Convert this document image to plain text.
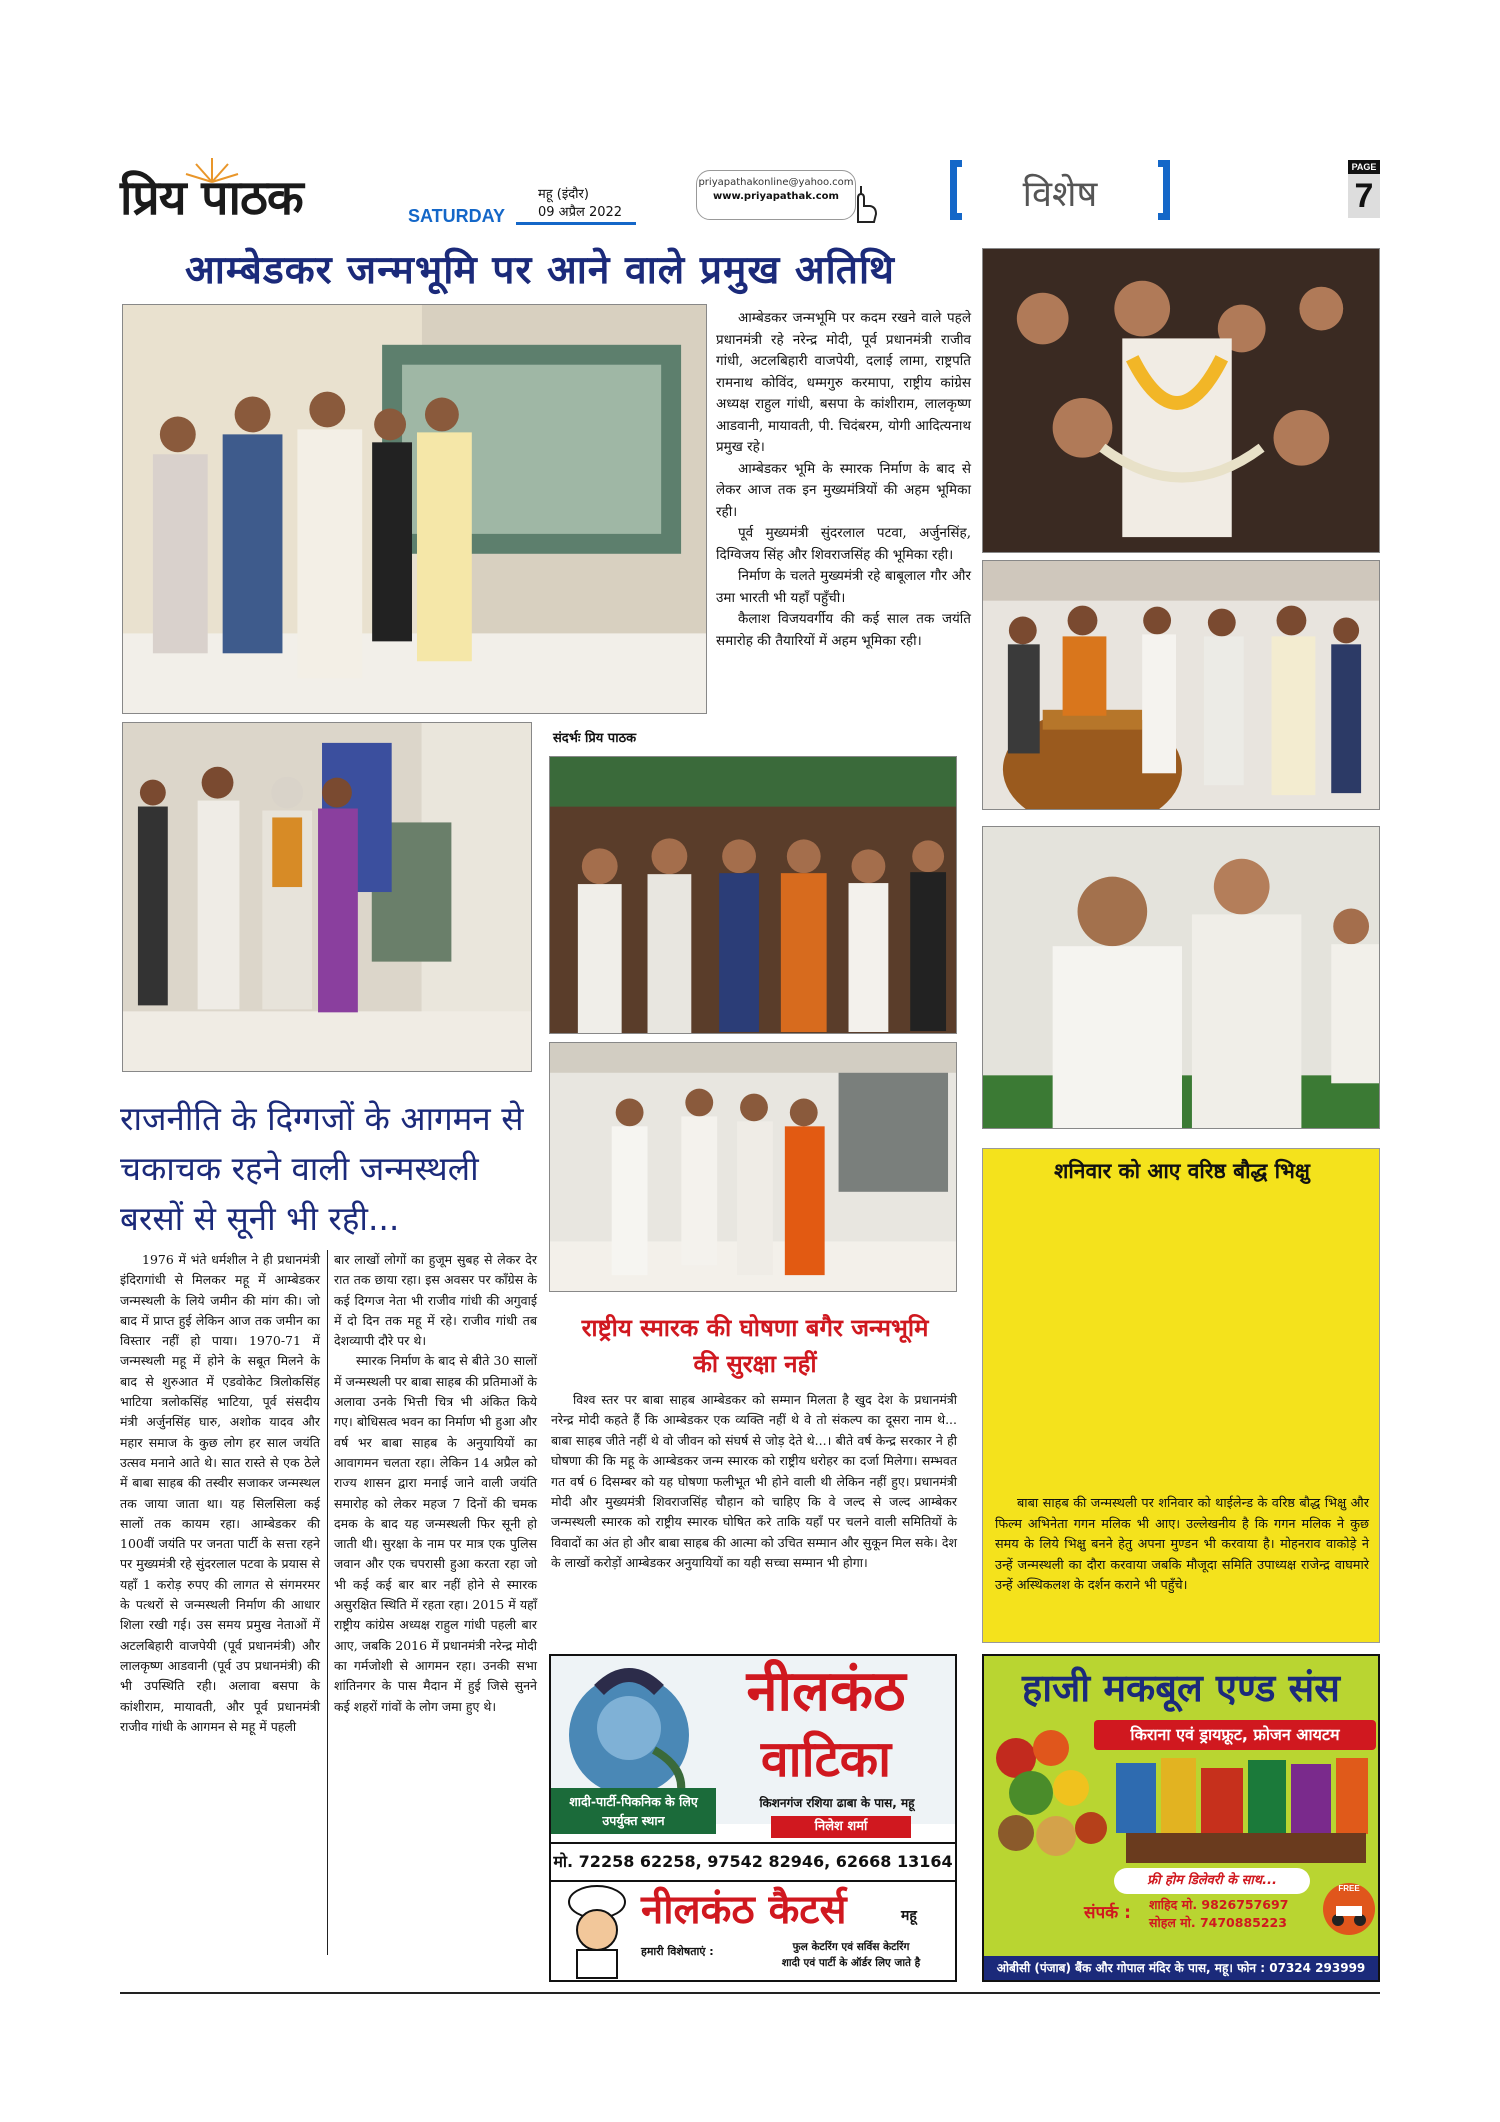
प्रिय पाठक	SATURDAY
महू (इंदौर)
09 अप्रैल 2022
priyapathakonline@yahoo.com
www.priyapathak.com	विशेष
PAGE
7
आम्बेडकर जन्मभूमि पर आने वाले प्रमुख अतिथि

आम्बेडकर जन्मभूमि पर कदम रखने वाले पहले प्रधानमंत्री रहे नरेन्द्र मोदी, पूर्व प्रधानमंत्री राजीव गांधी, अटलबिहारी वाजपेयी, दलाई लामा, राष्ट्रपति रामनाथ कोविंद, धम्मगुरु करमापा, राष्ट्रीय कांग्रेस अध्यक्ष राहुल गांधी, बसपा के कांशीराम, लालकृष्ण आडवानी, मायावती, पी. चिदंबरम, योगी आदित्यनाथ प्रमुख रहे।

आम्बेडकर भूमि के स्मारक निर्माण के बाद से लेकर आज तक इन मुख्यमंत्रियों की अहम भूमिका रही।

पूर्व मुख्यमंत्री सुंदरलाल पटवा, अर्जुनसिंह, दिग्विजय सिंह और शिवराजसिंह की भूमिका रही।

निर्माण के चलते मुख्यमंत्री रहे बाबूलाल गौर और उमा भारती भी यहाँ पहुँची।

कैलाश विजयवर्गीय की कई साल तक जयंति समारोह की तैयारियों में अहम भूमिका रही।

संदर्भः प्रिय पाठक
राजनीति के दिग्गजों के आगमन से चकाचक रहने वाली जन्मस्थली बरसों से सूनी भी रही...

1976 में भंते धर्मशील ने ही प्रधानमंत्री इंदिरागांधी से मिलकर महू में आम्बेडकर जन्मस्थली के लिये जमीन की मांग की। जो बाद में प्राप्त हुई लेकिन आज तक जमीन का विस्तार नहीं हो पाया। 1970-71 में जन्मस्थली महू में होने के सबूत मिलने के बाद से शुरुआत में एडवोकेट त्रिलोकसिंह भाटिया त्रलोकसिंह भाटिया, पूर्व संसदीय मंत्री अर्जुनसिंह घारु, अशोक यादव और महार समाज के कुछ लोग हर साल जयंति उत्सव मनाने आते थे। सात रास्ते से एक ठेले में बाबा साहब की तस्वीर सजाकर जन्मस्थल तक जाया जाता था। यह सिलसिला कई सालों तक कायम रहा। आम्बेडकर की 100वीं जयंति पर जनता पार्टी के सत्ता रहने पर मुख्यमंत्री रहे सुंदरलाल पटवा के प्रयास से यहाँ 1 करोड़ रुपए की लागत से संगमरमर के पत्थरों से जन्मस्थली निर्माण की आधार शिला रखी गई। उस समय प्रमुख नेताओं में अटलबिहारी वाजपेयी (पूर्व प्रधानमंत्री) और लालकृष्ण आडवानी (पूर्व उप प्रधानमंत्री) की भी उपस्थिति रही। अलावा बसपा के कांशीराम, मायावती, और पूर्व प्रधानमंत्री राजीव गांधी के आगमन से महू में पहली

बार लाखों लोगों का हुजूम सुबह से लेकर देर रात तक छाया रहा। इस अवसर पर कॉंग्रेस के कई दिग्गज नेता भी राजीव गांधी की अगुवाई में दो दिन तक महू में रहे। राजीव गांधी तब देशव्यापी दौरे पर थे।

स्मारक निर्माण के बाद से बीते 30 सालों में जन्मस्थली पर बाबा साहब की प्रतिमाओं के अलावा उनके भित्ती चित्र भी अंकित किये गए। बोधिसत्व भवन का निर्माण भी हुआ और वर्ष भर बाबा साहब के अनुयायियों का आवागमन चलता रहा। लेकिन 14 अप्रैल को राज्य शासन द्वारा मनाई जाने वाली जयंति समारोह को लेकर महज 7 दिनों की चमक दमक के बाद यह जन्मस्थली फिर सूनी हो जाती थी। सुरक्षा के नाम पर मात्र एक पुलिस जवान और एक चपरासी हुआ करता रहा जो भी कई कई बार बार नहीं होने से स्मारक असुरक्षित स्थिति में रहता रहा। 2015 में यहाँ राष्ट्रीय कांग्रेस अध्यक्ष राहुल गांधी पहली बार आए, जबकि 2016 में प्रधानमंत्री नरेन्द्र मोदी का गर्मजोशी से आगमन रहा। उनकी सभा शांतिनगर के पास मैदान में हुई जिसे सुनने कई शहरों गांवों के लोग जमा हुए थे।

राष्ट्रीय स्मारक की घोषणा बगैर जन्मभूमि की सुरक्षा नहीं
विश्व स्तर पर बाबा साहब आम्बेडकर को सम्मान मिलता है खुद देश के प्रधानमंत्री नरेन्द्र मोदी कहते हैं कि आम्बेडकर एक व्यक्ति नहीं थे वे तो संकल्प का दूसरा नाम थे... बाबा साहब जीते नहीं थे वो जीवन को संघर्ष से जोड़ देते थे...। बीते वर्ष केन्द्र सरकार ने ही घोषणा की कि महू के आम्बेडकर जन्म स्मारक को राष्ट्रीय धरोहर का दर्जा मिलेगा। सम्भवत गत वर्ष 6 दिसम्बर को यह घोषणा फलीभूत भी होने वाली थी लेकिन नहीं हुए। प्रधानमंत्री मोदी और मुख्यमंत्री शिवराजसिंह चौहान को चाहिए कि वे जल्द से जल्द आम्बेकर जन्मस्थली स्मारक को राष्ट्रीय स्मारक घोषित करे ताकि यहाँ पर चलने वाली समितियों के विवादों का अंत हो और बाबा साहब की आत्मा को उचित सम्मान और सुकून मिल सके। देश के लाखों करोड़ों आम्बेडकर अनुयायियों का यही सच्चा सम्मान भी होगा।
शनिवार को आए वरिष्ठ बौद्ध भिक्षु
बाबा साहब की जन्मस्थली पर शनिवार को थाईलेन्ड के वरिष्ठ बौद्ध भिक्षु और फिल्म अभिनेता गगन मलिक भी आए। उल्लेखनीय है कि गगन मलिक ने कुछ समय के लिये भिक्षु बनने हेतु अपना मुण्डन भी करवाया है। मोहनराव वाकोड़े ने उन्हें जन्मस्थली का दौरा करवाया जबकि मौजूदा समिति उपाध्यक्ष राजेन्द्र वाघमारे उन्हें अस्थिकलश के दर्शन कराने भी पहुँचे।
नीलकंठ
वाटिका
शादी-पार्टी-पिकनिक के लिए उपर्युक्त स्थान
किशनगंज रशिया ढाबा के पास, महू
निलेश शर्मा
मो. 72258 62258, 97542 82946, 62668 13164
नीलकंठ कैटर्स	महू
हमारी विशेषताएं :	फुल केटरिंग एवं सर्विस केटरिंग
शादी एवं पार्टी के ऑर्डर लिए जाते है
हाजी मकबूल एण्ड संस
किराना एवं ड्रायफ्रूट, फ्रोजन आयटम
फ्री होम डिलेवरी के साथ...
संपर्क :	शाहिद मो. 9826757697
सोहल मो. 7470885223
FREE
ओबीसी (पंजाब) बैंक और गोपाल मंदिर के पास, महू। फोन : 07324 293999
